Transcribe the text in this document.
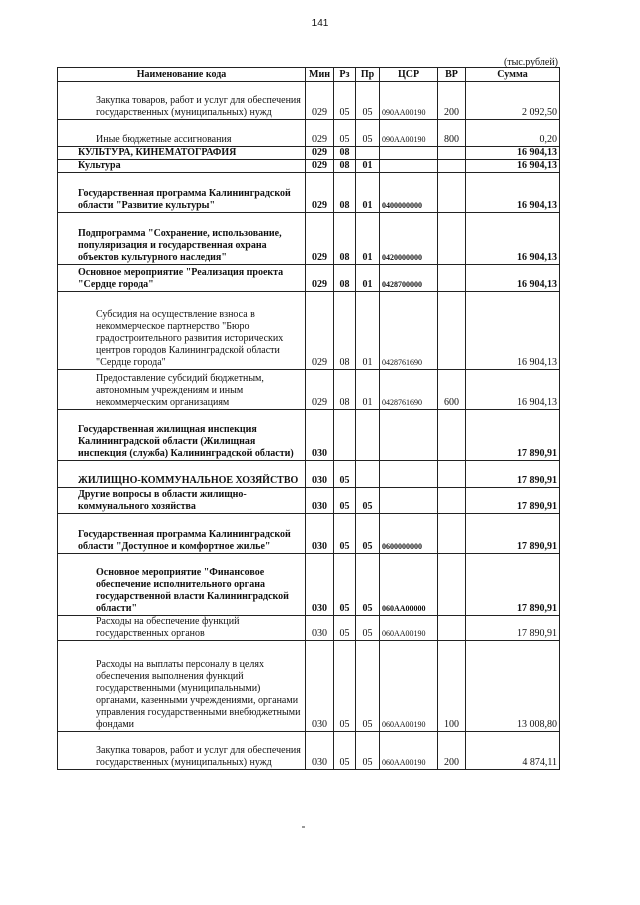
141
(тыс.рублей)
Наименование кода	Мин	Рз	Пр	ЦСР	ВР	Сумма
Закупка товаров, работ и услуг для обеспечения государственных (муниципальных) нужд	029	05	05	090АА00190	200	2 092,50
Иные бюджетные ассигнования	029	05	05	090АА00190	800	0,20
КУЛЬТУРА, КИНЕМАТОГРАФИЯ	029	08				16 904,13
Культура	029	08	01			16 904,13
Государственная программа Калининградской области "Развитие культуры"	029	08	01	0400000000		16 904,13
Подпрограмма "Сохранение, использование, популяризация и государственная охрана объектов культурного наследия"	029	08	01	0420000000		16 904,13
Основное мероприятие "Реализация проекта "Сердце города"	029	08	01	0428700000		16 904,13
Субсидия на осуществление взноса в некоммерческое партнерство "Бюро градостроительного развития исторических центров городов Калининградской области "Сердце города"	029	08	01	0428761690		16 904,13
Предоставление субсидий бюджетным, автономным учреждениям и иным некоммерческим организациям	029	08	01	0428761690	600	16 904,13
Государственная жилищная инспекция Калининградской области (Жилищная инспекция (служба) Калининградской области)	030					17 890,91
ЖИЛИЩНО-КОММУНАЛЬНОЕ ХОЗЯЙСТВО	030	05				17 890,91
Другие вопросы в области жилищно-коммунального хозяйства	030	05	05			17 890,91
Государственная программа Калининградской области "Доступное и комфортное жилье"	030	05	05	0600000000		17 890,91
Основное мероприятие "Финансовое обеспечение исполнительного органа государственной власти Калининградской области"	030	05	05	060АА00000		17 890,91
Расходы на обеспечение функций государственных органов	030	05	05	060АА00190		17 890,91
Расходы на выплаты персоналу в целях обеспечения выполнения функций государственными (муниципальными) органами, казенными учреждениями, органами управления государственными внебюджетными фондами	030	05	05	060АА00190	100	13 008,80
Закупка товаров, работ и услуг для обеспечения государственных (муниципальных) нужд	030	05	05	060АА00190	200	4 874,11
